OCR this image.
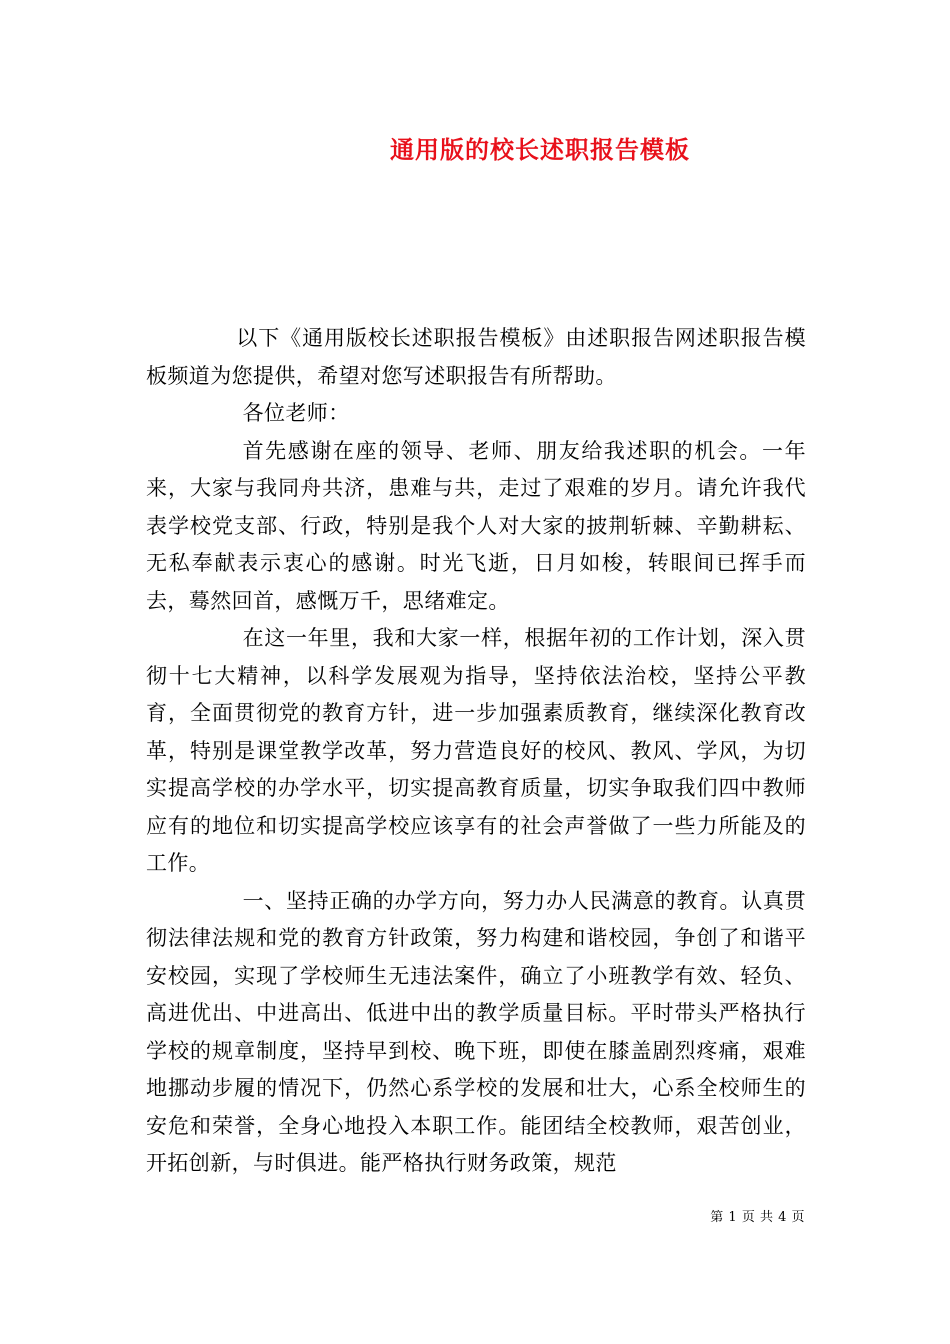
通用版的校长述职报告模板

以下《通用版校长述职报告模板》由述职报告网述职报告模板频道为您提供，希望对您写述职报告有所帮助。

各位老师：

首先感谢在座的领导、老师、朋友给我述职的机会。一年来，大家与我同舟共济，患难与共，走过了艰难的岁月。请允许我代表学校党支部、行政，特别是我个人对大家的披荆斩棘、辛勤耕耘、无私奉献表示衷心的感谢。时光飞逝，日月如梭，转眼间已挥手而去，蓦然回首，感慨万千，思绪难定。

在这一年里，我和大家一样，根据年初的工作计划，深入贯彻十七大精神，以科学发展观为指导，坚持依法治校，坚持公平教育，全面贯彻党的教育方针，进一步加强素质教育，继续深化教育改革，特别是课堂教学改革，努力营造良好的校风、教风、学风，为切实提高学校的办学水平，切实提高教育质量，切实争取我们四中教师应有的地位和切实提高学校应该享有的社会声誉做了一些力所能及的工作。

一、坚持正确的办学方向，努力办人民满意的教育。认真贯彻法律法规和党的教育方针政策，努力构建和谐校园，争创了和谐平安校园，实现了学校师生无违法案件，确立了小班教学有效、轻负、高进优出、中进高出、低进中出的教学质量目标。平时带头严格执行学校的规章制度，坚持早到校、晚下班，即使在膝盖剧烈疼痛，艰难地挪动步履的情况下，仍然心系学校的发展和壮大，心系全校师生的安危和荣誉，全身心地投入本职工作。能团结全校教师，艰苦创业，开拓创新，与时俱进。能严格执行财务政策，规范

第 1 页 共 4 页
